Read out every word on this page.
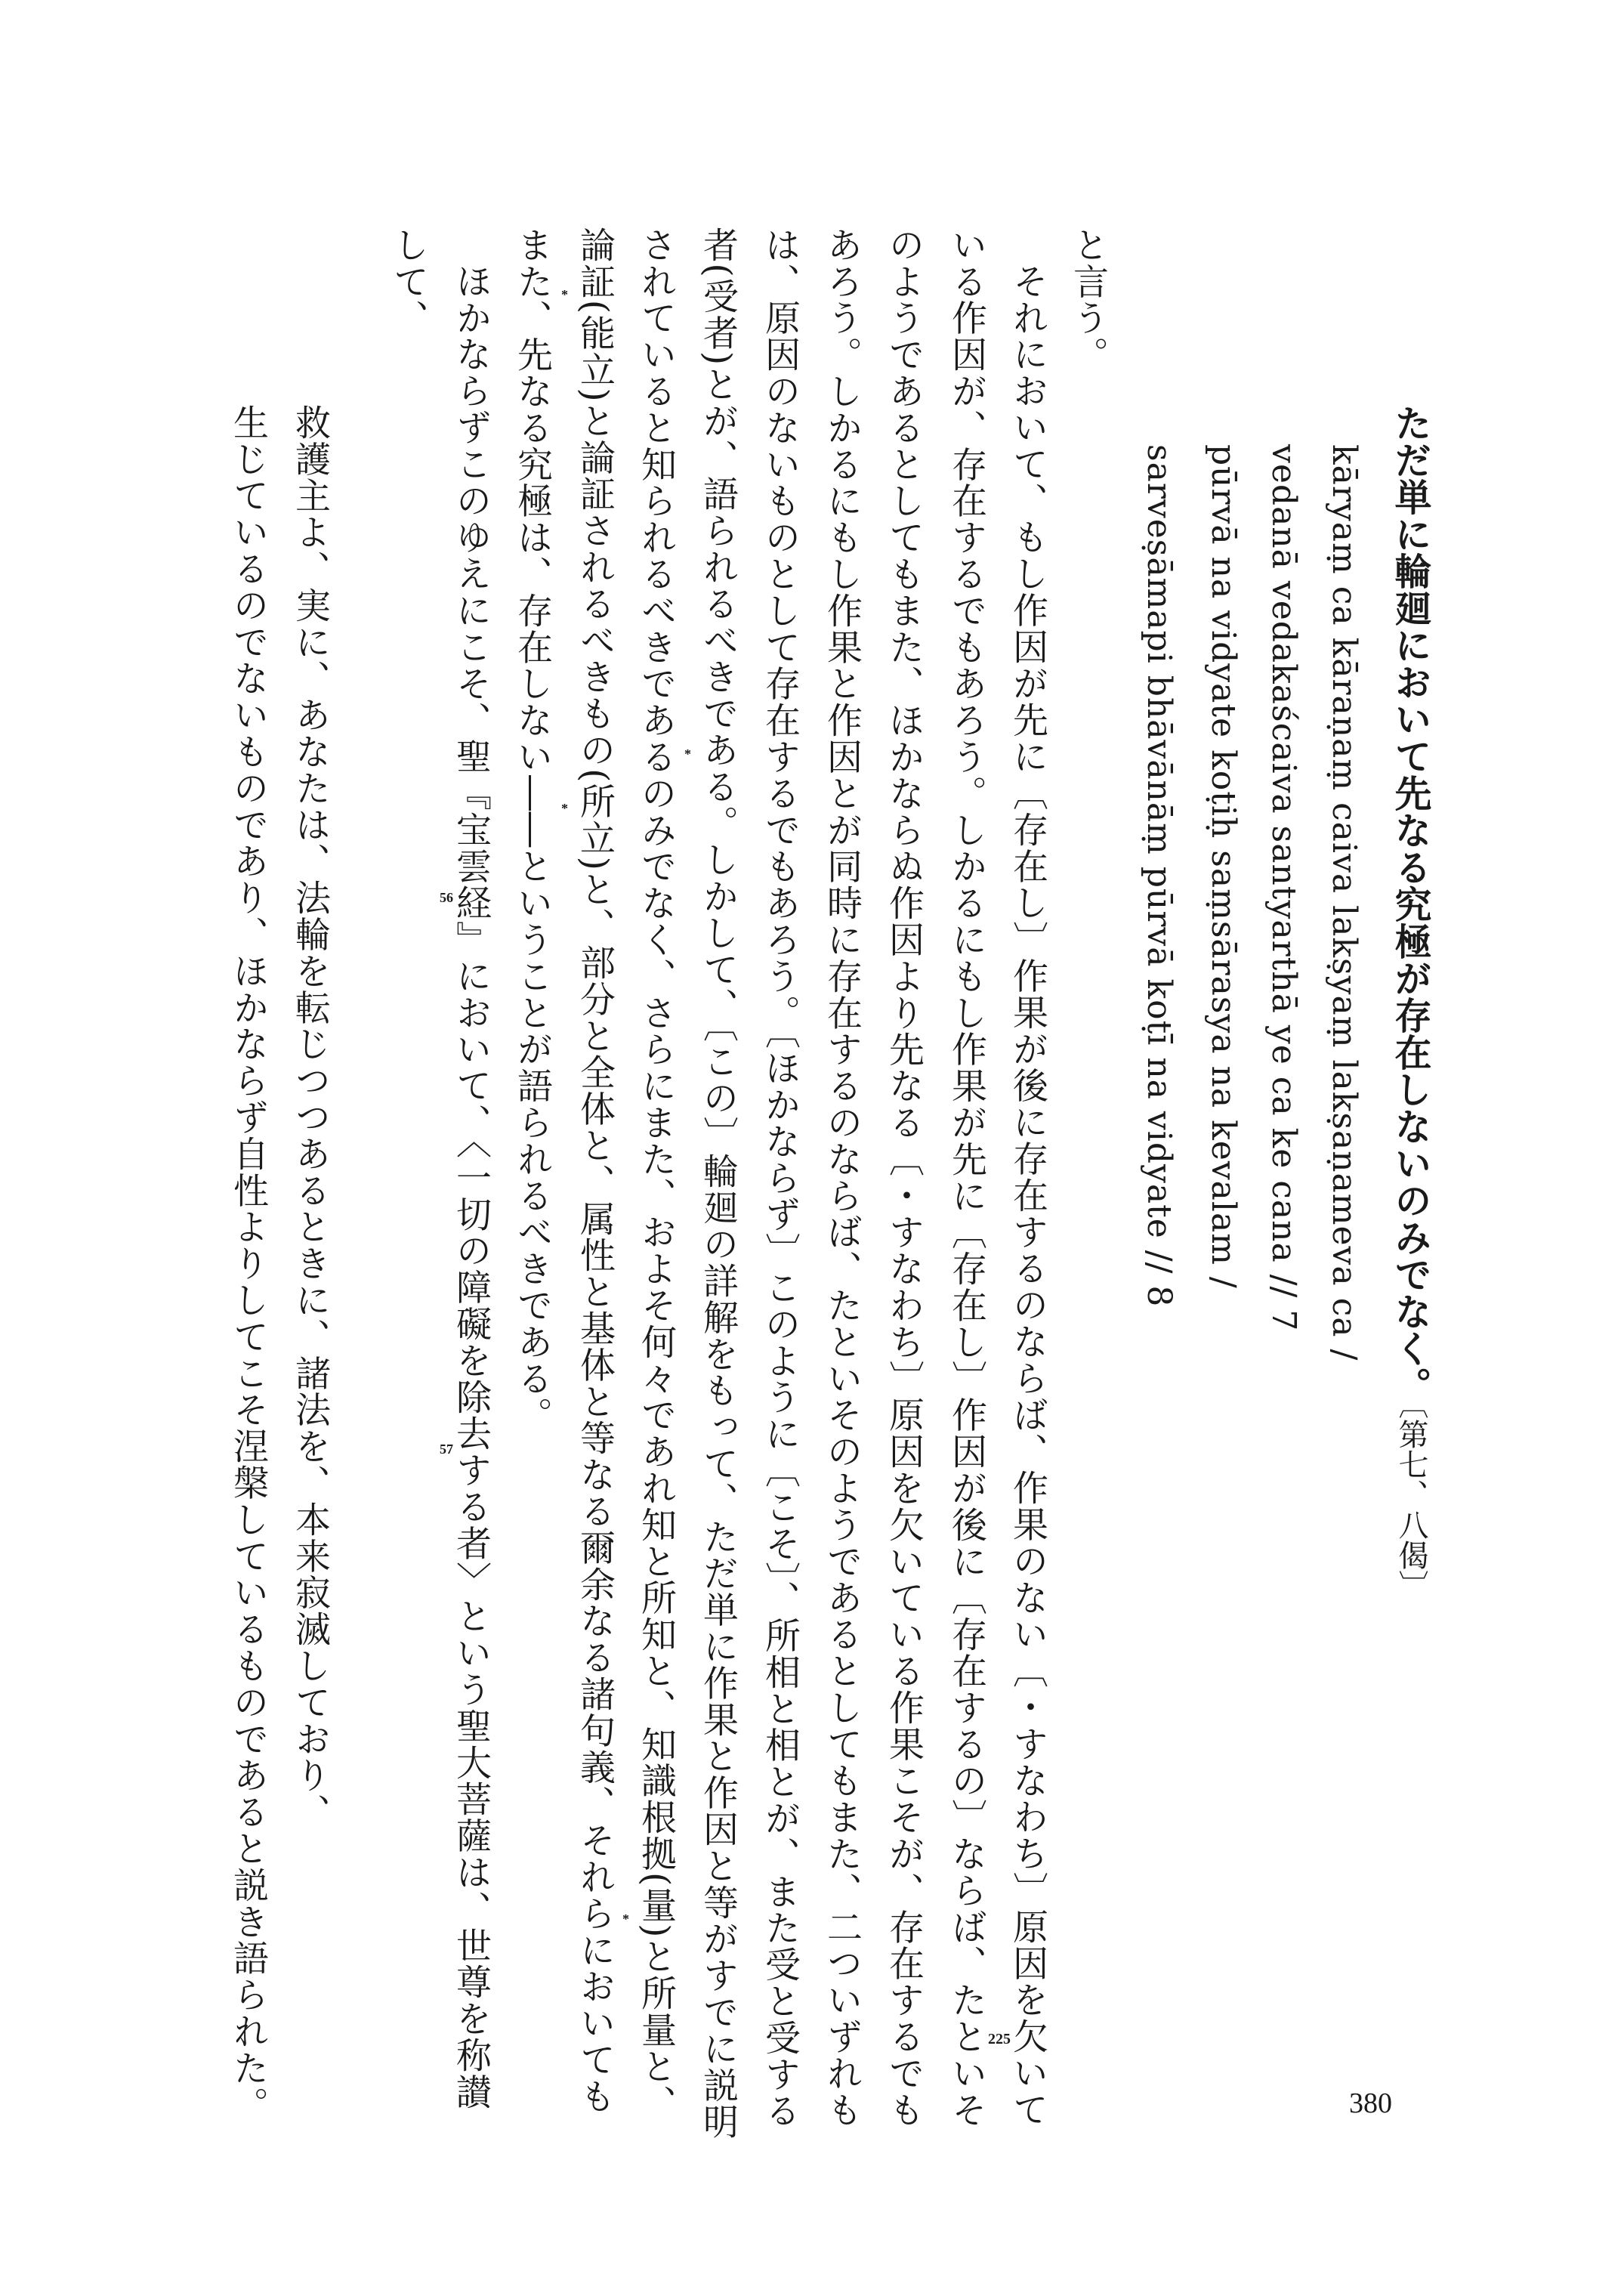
ただ単に輪廻において先なる究極が存在しないのみでなく。〔第七、八偈〕
kāryaṃ ca kāraṇaṃ caiva lakṣyaṃ lakṣaṇameva ca /
vedanā vedakaścaiva santyarthā ye ca ke cana // 7
pūrvā na vidyate koṭiḥ saṃsārasya na kevalam /
sarveṣāmapi bhāvānāṃ pūrvā koṭī na vidyate // 8
と言う。
それにおいて、もし作因が先に〔存在し〕作果が後に存在するのならば、作果のない〔・すなわち〕原因を欠いて
いる作因が、存在するでもあろう。しかるにもし作果が先に〔存在し〕作因が後に〔存在するの〕ならば、たといそ
のようであるとしてもまた、ほかならぬ作因より先なる〔・すなわち〕原因を欠いている作果こそが、存在するでも
あろう。しかるにもし作果と作因とが同時に存在するのならば、たといそのようであるとしてもまた、二ついずれも
は、原因のないものとして存在するでもあろう。〔ほかならず〕このように〔こそ〕、所相と相とが、また受と受する
者(受者)とが、語られるべきである。しかして、〔この〕輪廻の詳解をもって、ただ単に作果と作因と等がすでに説明
されていると知られるべきであるのみでなく、さらにまた、およそ何々であれ知と所知と、知識根拠(量)と所量と、
論証(能立)と論証されるべきもの(所立)と、部分と全体と、属性と基体と等なる爾余なる諸句義、それらにおいても
また、先なる究極は、存在しない――ということが語られるべきである。
ほかならずこのゆえにこそ、聖『宝雲経』において、〈一切の障礙を除去する者〉という聖大菩薩は、世尊を称讃
して、
救護主よ、実に、あなたは、法輪を転じつつあるときに、諸法を、本来寂滅しており、
生じているのでないものであり、ほかならず自性よりしてこそ涅槃しているものであると説き語られた。	*
*
*
*
56
57
225
380
